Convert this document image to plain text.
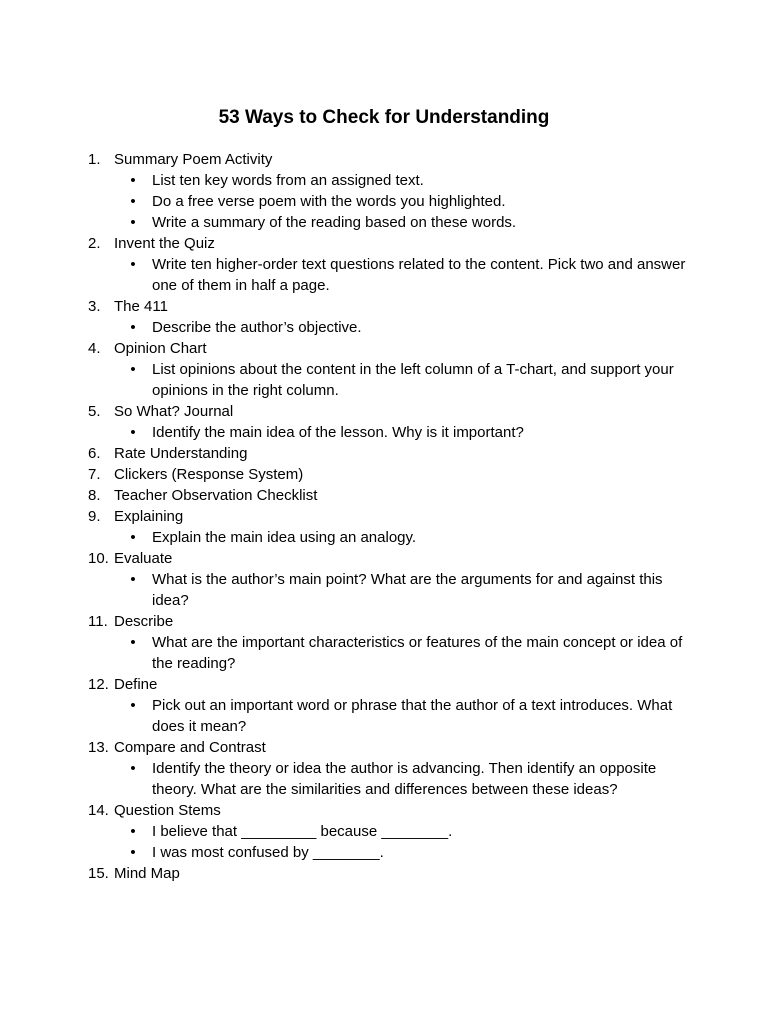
53 Ways to Check for Understanding
1. Summary Poem Activity
• List ten key words from an assigned text.
• Do a free verse poem with the words you highlighted.
• Write a summary of the reading based on these words.
2. Invent the Quiz
• Write ten higher-order text questions related to the content. Pick two and answer one of them in half a page.
3. The 411
• Describe the author’s objective.
4. Opinion Chart
• List opinions about the content in the left column of a T-chart, and support your opinions in the right column.
5. So What? Journal
• Identify the main idea of the lesson. Why is it important?
6. Rate Understanding
7. Clickers (Response System)
8. Teacher Observation Checklist
9. Explaining
• Explain the main idea using an analogy.
10. Evaluate
• What is the author’s main point? What are the arguments for and against this idea?
11. Describe
• What are the important characteristics or features of the main concept or idea of the reading?
12. Define
• Pick out an important word or phrase that the author of a text introduces. What does it mean?
13. Compare and Contrast
• Identify the theory or idea the author is advancing. Then identify an opposite theory. What are the similarities and differences between these ideas?
14. Question Stems
• I believe that _________ because ________.
• I was most confused by ________.
15. Mind Map
